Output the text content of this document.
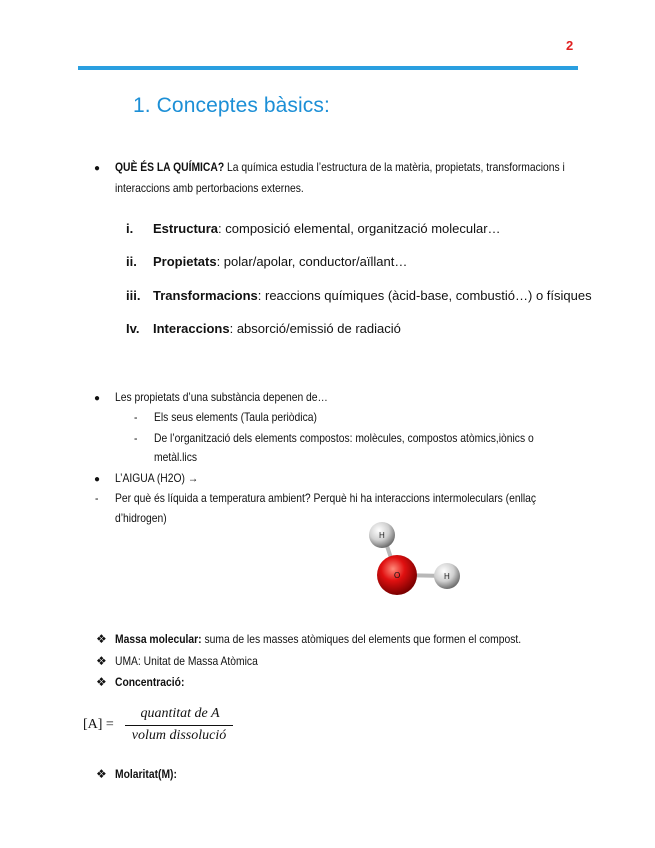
2
1. Conceptes bàsics:
● QUÈ ÉS LA QUÍMICA? La química estudia l’estructura de la matèria, propietats, transformacions i
interaccions amb pertorbacions externes.
i. Estructura: composició elemental, organització molecular…
ii. Propietats: polar/apolar, conductor/aïllant…
iii. Transformacions: reaccions químiques (àcid-base, combustió…) o físiques
Iv. Interaccions: absorció/emissió de radiació
● Les propietats d’una substància depenen de…
- Els seus elements (Taula periòdica)
- De l’organització dels elements compostos: molècules, compostos atòmics,iònics o
metàl.lics
● L’AIGUA (H2O) →
- Per què és líquida a temperatura ambient? Perquè hi ha interaccions intermoleculars (enllaç
d’hidrogen)
H
O	H
❖ Massa molecular: suma de les masses atòmiques del elements que formen el compost.
❖ UMA: Unitat de Massa Atòmica
❖ Concentració:
[A] =
quantitat de A
volum dissolució
❖ Molaritat(M):
